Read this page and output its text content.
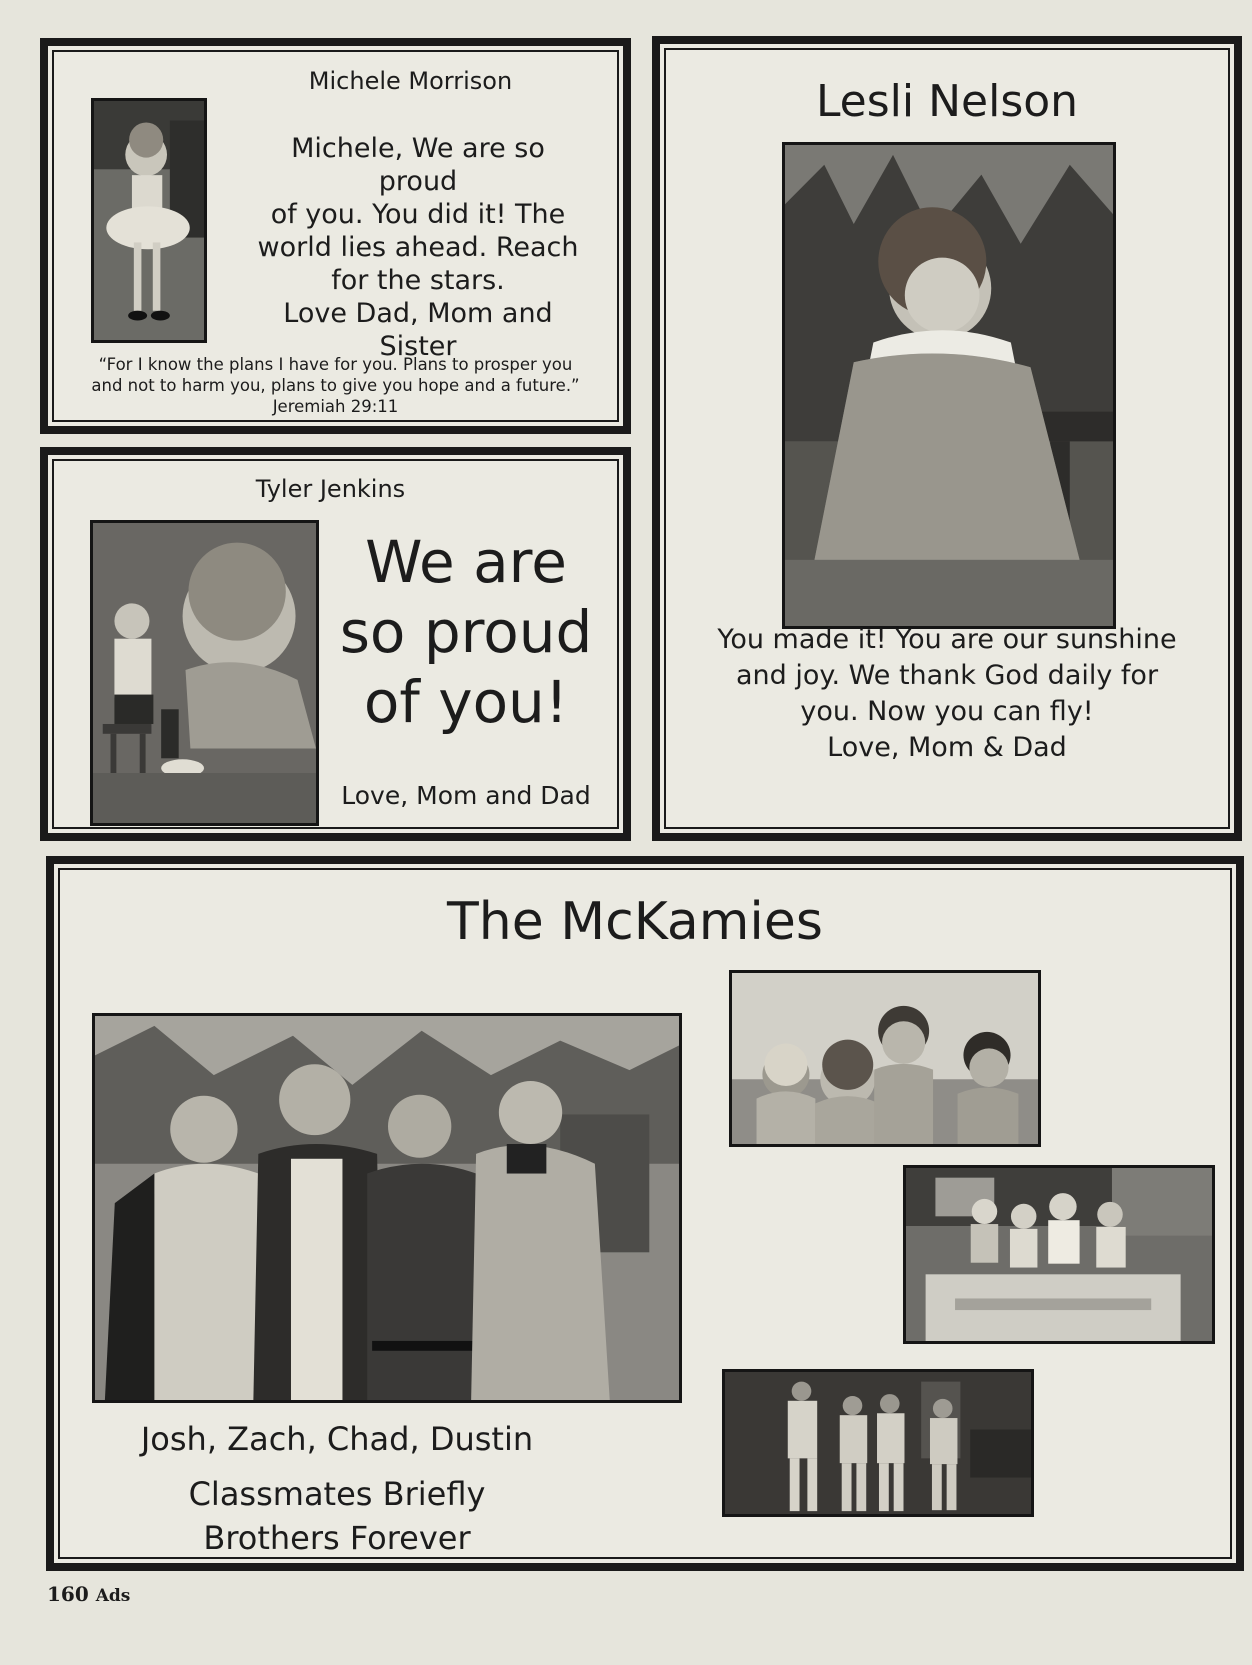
Michele Morrison
Michele, We are so proud
of you. You did it! The
world lies ahead. Reach
for the stars.
Love Dad, Mom and Sister
“For I know the plans I have for you. Plans to prosper you
and not to harm you, plans to give you hope and a future.”
Jeremiah 29:11
Tyler Jenkins
We are
so proud
of you!
Love, Mom and Dad
Lesli Nelson
You made it! You are our sunshine
and joy. We thank God daily for
you. Now you can fly!
Love, Mom & Dad
The McKamies
Josh, Zach, Chad, Dustin
Classmates Briefly
Brothers Forever
160 Ads
